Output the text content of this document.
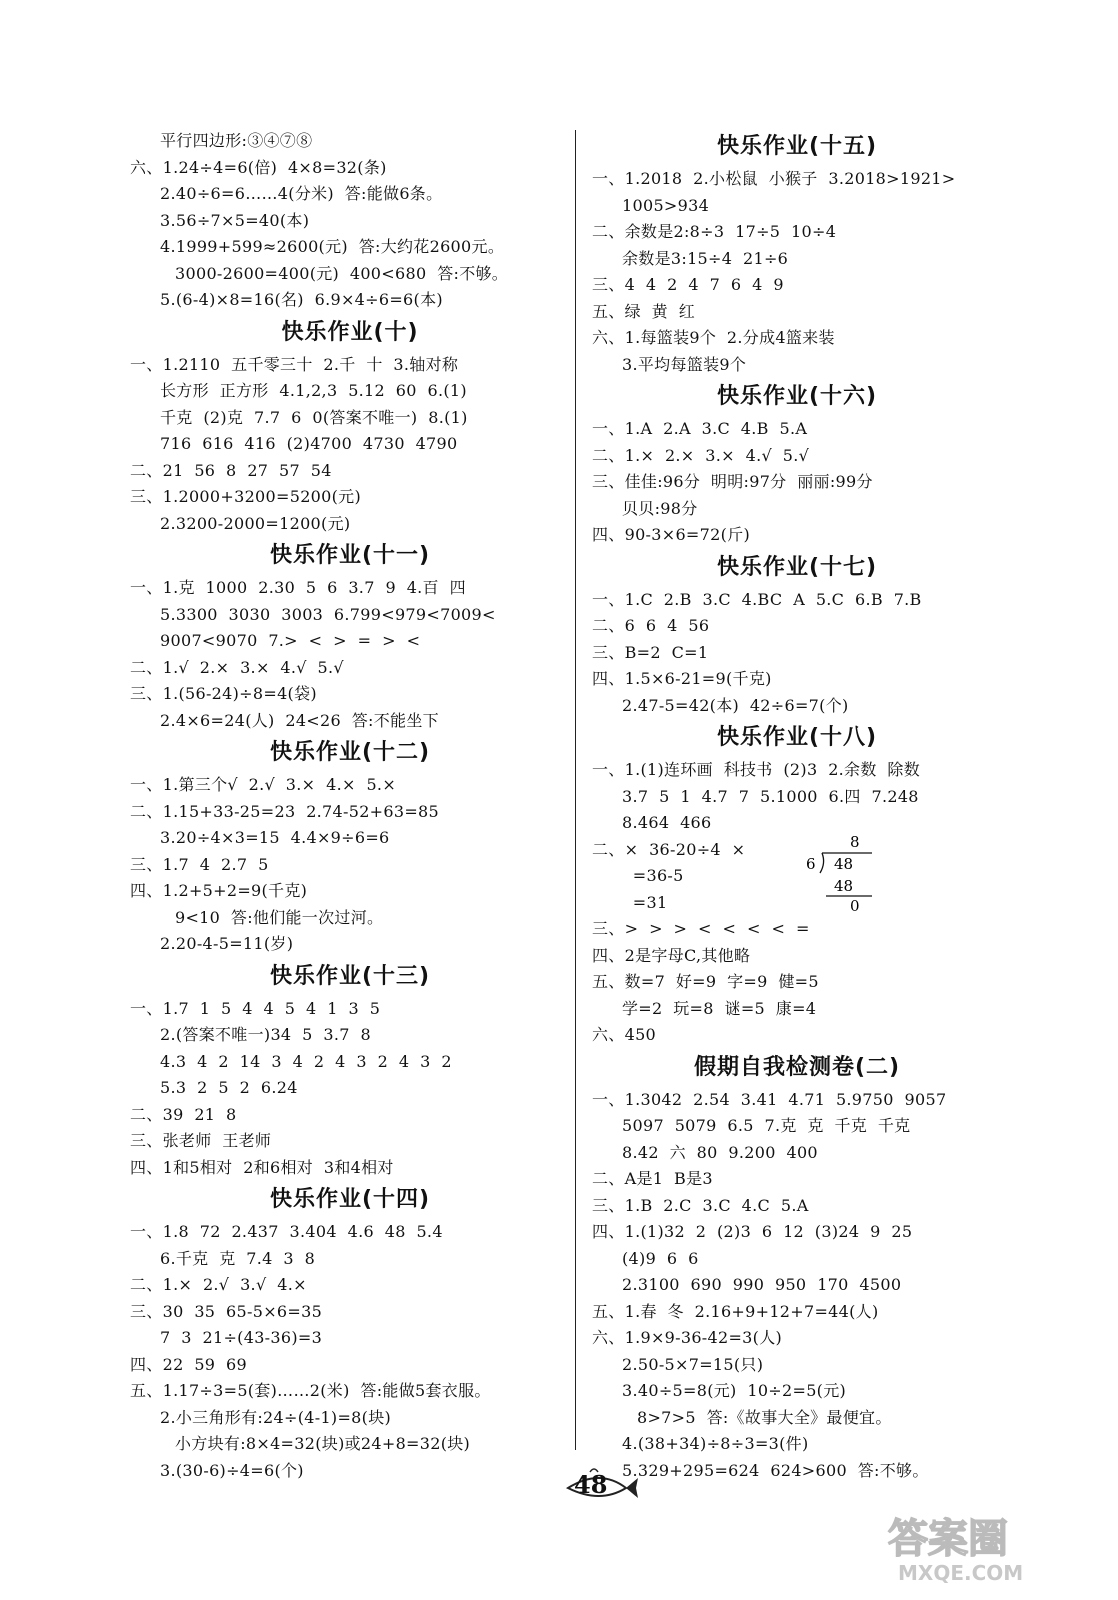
平行四边形:③④⑦⑧
六、1.24÷4=6(倍)  4×8=32(条)
2.40÷6=6……4(分米)  答:能做6条。
3.56÷7×5=40(本)
4.1999+599≈2600(元)  答:大约花2600元。
3000-2600=400(元)  400<680  答:不够。
5.(6-4)×8=16(名)  6.9×4÷6=6(本)
快乐作业(十)
一、1.2110  五千零三十  2.千  十  3.轴对称
长方形  正方形  4.1,2,3  5.12  60  6.(1)
千克  (2)克  7.7  6  0(答案不唯一)  8.(1)
716  616  416  (2)4700  4730  4790
二、21  56  8  27  57  54
三、1.2000+3200=5200(元)
2.3200-2000=1200(元)
快乐作业(十一)
一、1.克  1000  2.30  5  6  3.7  9  4.百  四
5.3300  3030  3003  6.799<979<7009<
9007<9070  7.>  <  >  =  >  <
二、1.√  2.×  3.×  4.√  5.√
三、1.(56-24)÷8=4(袋)
2.4×6=24(人)  24<26  答:不能坐下
快乐作业(十二)
一、1.第三个√  2.√  3.×  4.×  5.×
二、1.15+33-25=23  2.74-52+63=85
3.20÷4×3=15  4.4×9÷6=6
三、1.7  4  2.7  5
四、1.2+5+2=9(千克)
9<10  答:他们能一次过河。
2.20-4-5=11(岁)
快乐作业(十三)
一、1.7  1  5  4  4  5  4  1  3  5
2.(答案不唯一)34  5  3.7  8
4.3  4  2  14  3  4  2  4  3  2  4  3  2
5.3  2  5  2  6.24
二、39  21  8
三、张老师  王老师
四、1和5相对  2和6相对  3和4相对
快乐作业(十四)
一、1.8  72  2.437  3.404  4.6  48  5.4
6.千克  克  7.4  3  8
二、1.×  2.√  3.√  4.×
三、30  35  65-5×6=35
7  3  21÷(43-36)=3
四、22  59  69
五、1.17÷3=5(套)……2(米)  答:能做5套衣服。
2.小三角形有:24÷(4-1)=8(块)
小方块有:8×4=32(块)或24+8=32(块)
3.(30-6)÷4=6(个)
快乐作业(十五)
一、1.2018  2.小松鼠  小猴子  3.2018>1921>
1005>934
二、余数是2:8÷3  17÷5  10÷4
余数是3:15÷4  21÷6
三、4  4  2  4  7  6  4  9
五、绿  黄  红
六、1.每篮装9个  2.分成4篮来装
3.平均每篮装9个
快乐作业(十六)
一、1.A  2.A  3.C  4.B  5.A
二、1.×  2.×  3.×  4.√  5.√
三、佳佳:96分  明明:97分  丽丽:99分
贝贝:98分
四、90-3×6=72(斤)
快乐作业(十七)
一、1.C  2.B  3.C  4.BC  A  5.C  6.B  7.B
二、6  6  4  56
三、B=2  C=1
四、1.5×6-21=9(千克)
2.47-5=42(本)  42÷6=7(个)
快乐作业(十八)
一、1.(1)连环画  科技书  (2)3  2.余数  除数
3.7  5  1  4.7  7  5.1000  6.四  7.248
8.464  466
二、×  36-20÷4  ×
=36-5
=31
8
6 48
48
0
三、>  >  >  <  <  <  <  =
四、2是字母C,其他略
五、数=7  好=9  字=9  健=5
学=2  玩=8  谜=5  康=4
六、450
假期自我检测卷(二)
一、1.3042  2.54  3.41  4.71  5.9750  9057
5097  5079  6.5  7.克  克  千克  千克
8.42  六  80  9.200  400
二、A是1  B是3
三、1.B  2.C  3.C  4.C  5.A
四、1.(1)32  2  (2)3  6  12  (3)24  9  25
(4)9  6  6
2.3100  690  990  950  170  4500
五、1.春  冬  2.16+9+12+7=44(人)
六、1.9×9-36-42=3(人)
2.50-5×7=15(只)
3.40÷5=8(元)  10÷2=5(元)
8>7>5  答:《故事大全》最便宜。
4.(38+34)÷8÷3=3(件)
5.329+295=624  624>600  答:不够。
48
答案圈
MXQE.COM
